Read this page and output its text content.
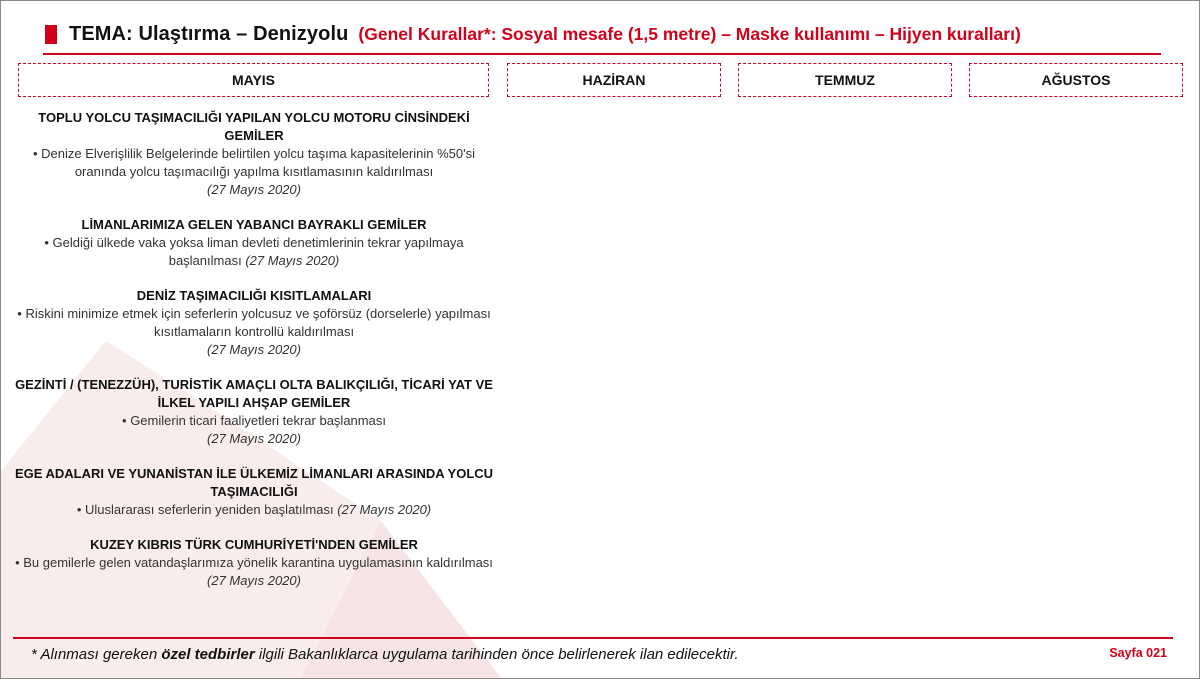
TEMA: Ulaştırma – Denizyolu (Genel Kurallar*: Sosyal mesafe (1,5 metre) – Maske kullanımı – Hijyen kuralları)
MAYIS	HAZİRAN	TEMMUZ	AĞUSTOS
TOPLU YOLCU TAŞIMACILIĞI YAPILAN YOLCU MOTORU CİNSİNDEKİ GEMİLER
• Denize Elverişlilik Belgelerinde belirtilen yolcu taşıma kapasitelerinin %50'si oranında yolcu taşımacılığı yapılma kısıtlamasının kaldırılması
(27 Mayıs 2020)
LİMANLARIMIZA GELEN YABANCI BAYRAKLI GEMİLER
• Geldiği ülkede vaka yoksa liman devleti denetimlerinin tekrar yapılmaya başlanılması (27 Mayıs 2020)
DENİZ TAŞIMACILIĞI KISITLAMALARI
• Riskini minimize etmek için seferlerin yolcusuz ve şoförsüz (dorselerle) yapılması kısıtlamaların kontrollü kaldırılması
(27 Mayıs 2020)
GEZİNTİ / (TENEZZÜH), TURİSTİK AMAÇLI OLTA BALIKÇILIĞI, TİCARİ YAT VE İLKEL YAPILI AHŞAP GEMİLER
• Gemilerin ticari faaliyetleri tekrar başlanması
(27 Mayıs 2020)
EGE ADALARI VE YUNANİSTAN İLE ÜLKEMİZ LİMANLARI ARASINDA YOLCU TAŞIMACILIĞI
• Uluslararası seferlerin yeniden başlatılması (27 Mayıs 2020)
KUZEY KIBRIS TÜRK CUMHURİYETİ'NDEN GEMİLER
• Bu gemilerle gelen vatandaşlarımıza yönelik karantina uygulamasının kaldırılması (27 Mayıs 2020)
* Alınması gereken özel tedbirler ilgili Bakanlıklarca uygulama tarihinden önce belirlenerek ilan edilecektir.	Sayfa 021
